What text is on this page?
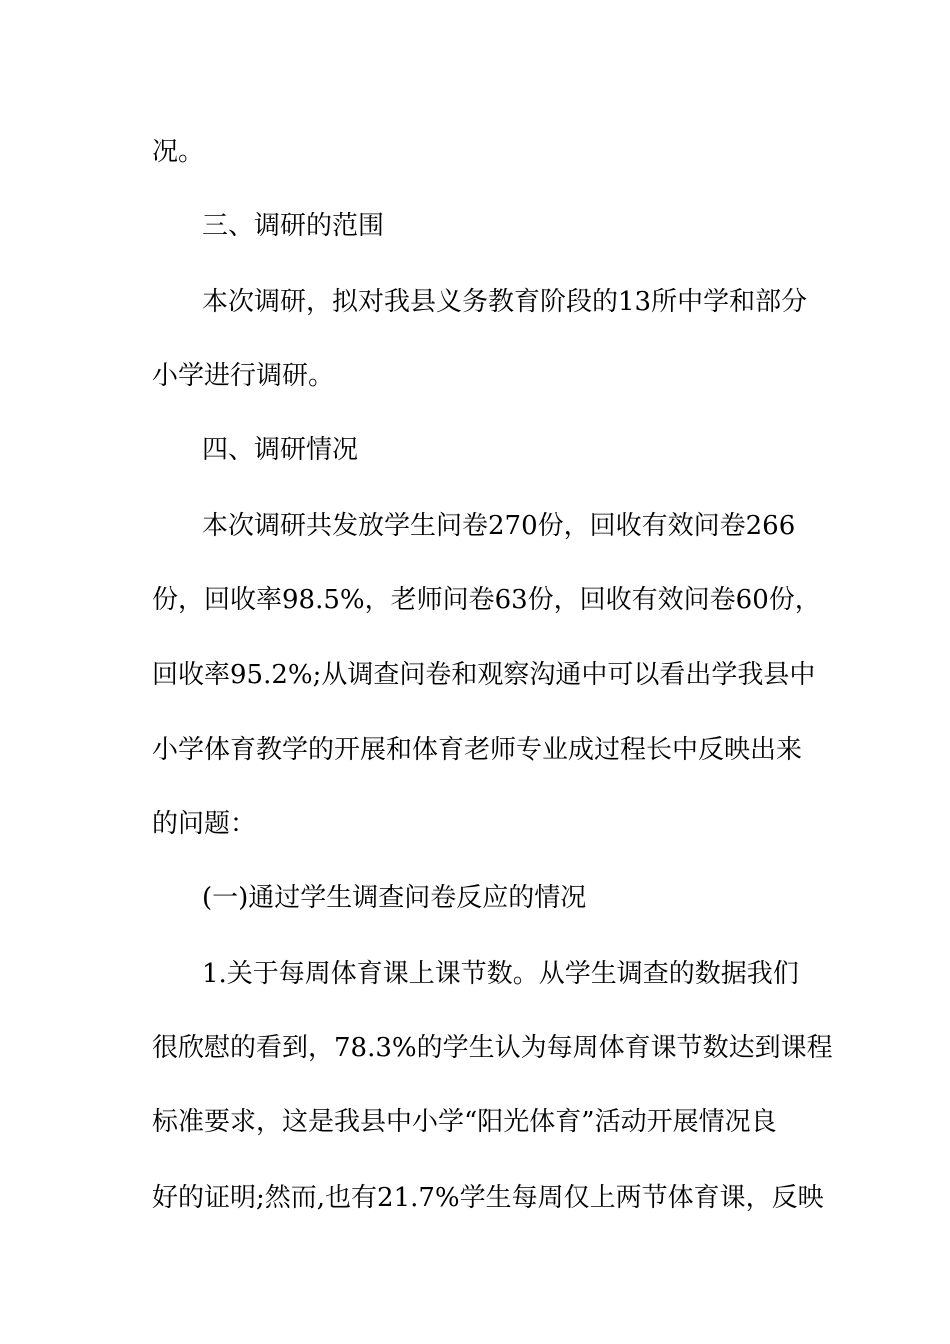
况。
三、调研的范围
本次调研，拟对我县义务教育阶段的13所中学和部分
小学进行调研。
四、调研情况
本次调研共发放学生问卷270份，回收有效问卷266
份，回收率98.5%，老师问卷63份，回收有效问卷60份，
回收率95.2%;从调查问卷和观察沟通中可以看出学我县中
小学体育教学的开展和体育老师专业成过程长中反映出来
的问题：
(一)通过学生调查问卷反应的情况
1.关于每周体育课上课节数。从学生调查的数据我们
很欣慰的看到，78.3%的学生认为每周体育课节数达到课程
标准要求，这是我县中小学“阳光体育”活动开展情况良
好的证明;然而,也有21.7%学生每周仅上两节体育课，反映
